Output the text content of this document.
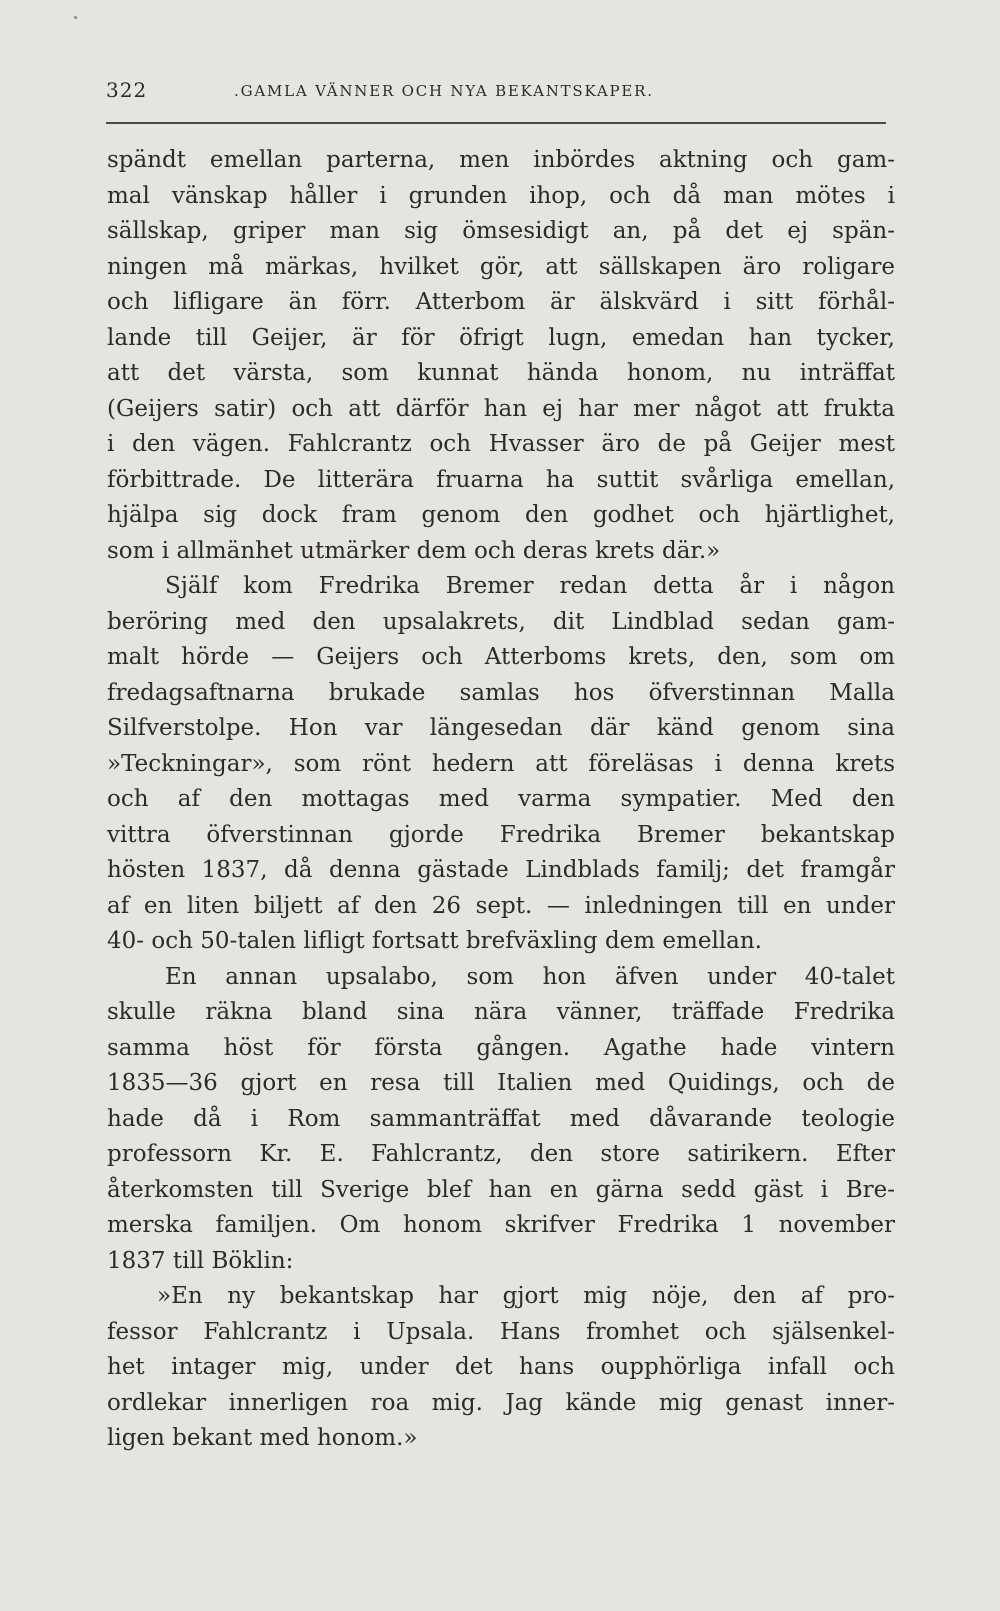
322	.GAMLA VÄNNER OCH NYA BEKANTSKAPER.
spändt emellan parterna, men inbördes aktning och gam-
mal vänskap håller i grunden ihop, och då man mötes i
sällskap, griper man sig ömsesidigt an, på det ej spän-
ningen må märkas, hvilket gör, att sällskapen äro roligare
och lifligare än förr. Atterbom är älskvärd i sitt förhål-
lande till Geijer, är för öfrigt lugn, emedan han tycker,
att det värsta, som kunnat hända honom, nu inträffat
(Geijers satir) och att därför han ej har mer något att frukta
i den vägen. Fahlcrantz och Hvasser äro de på Geijer mest
förbittrade. De litterära fruarna ha suttit svårliga emellan,
hjälpa sig dock fram genom den godhet och hjärtlighet,
som i allmänhet utmärker dem och deras krets där.»
Själf kom Fredrika Bremer redan detta år i någon
beröring med den upsalakrets, dit Lindblad sedan gam-
malt hörde — Geijers och Atterboms krets, den, som om
fredagsaftnarna brukade samlas hos öfverstinnan Malla
Silfverstolpe. Hon var längesedan där känd genom sina
»Teckningar», som rönt hedern att föreläsas i denna krets
och af den mottagas med varma sympatier. Med den
vittra öfverstinnan gjorde Fredrika Bremer bekantskap
hösten 1837, då denna gästade Lindblads familj; det framgår
af en liten biljett af den 26 sept. — inledningen till en under
40- och 50-talen lifligt fortsatt brefväxling dem emellan.
En annan upsalabo, som hon äfven under 40-talet
skulle räkna bland sina nära vänner, träffade Fredrika
samma höst för första gången. Agathe hade vintern
1835—36 gjort en resa till Italien med Quidings, och de
hade då i Rom sammanträffat med dåvarande teologie
professorn Kr. E. Fahlcrantz, den store satirikern. Efter
återkomsten till Sverige blef han en gärna sedd gäst i Bre-
merska familjen. Om honom skrifver Fredrika 1 november
1837 till Böklin:
»En ny bekantskap har gjort mig nöje, den af pro-
fessor Fahlcrantz i Upsala. Hans fromhet och själsenkel-
het intager mig, under det hans oupphörliga infall och
ordlekar innerligen roa mig. Jag kände mig genast inner-
ligen bekant med honom.»
